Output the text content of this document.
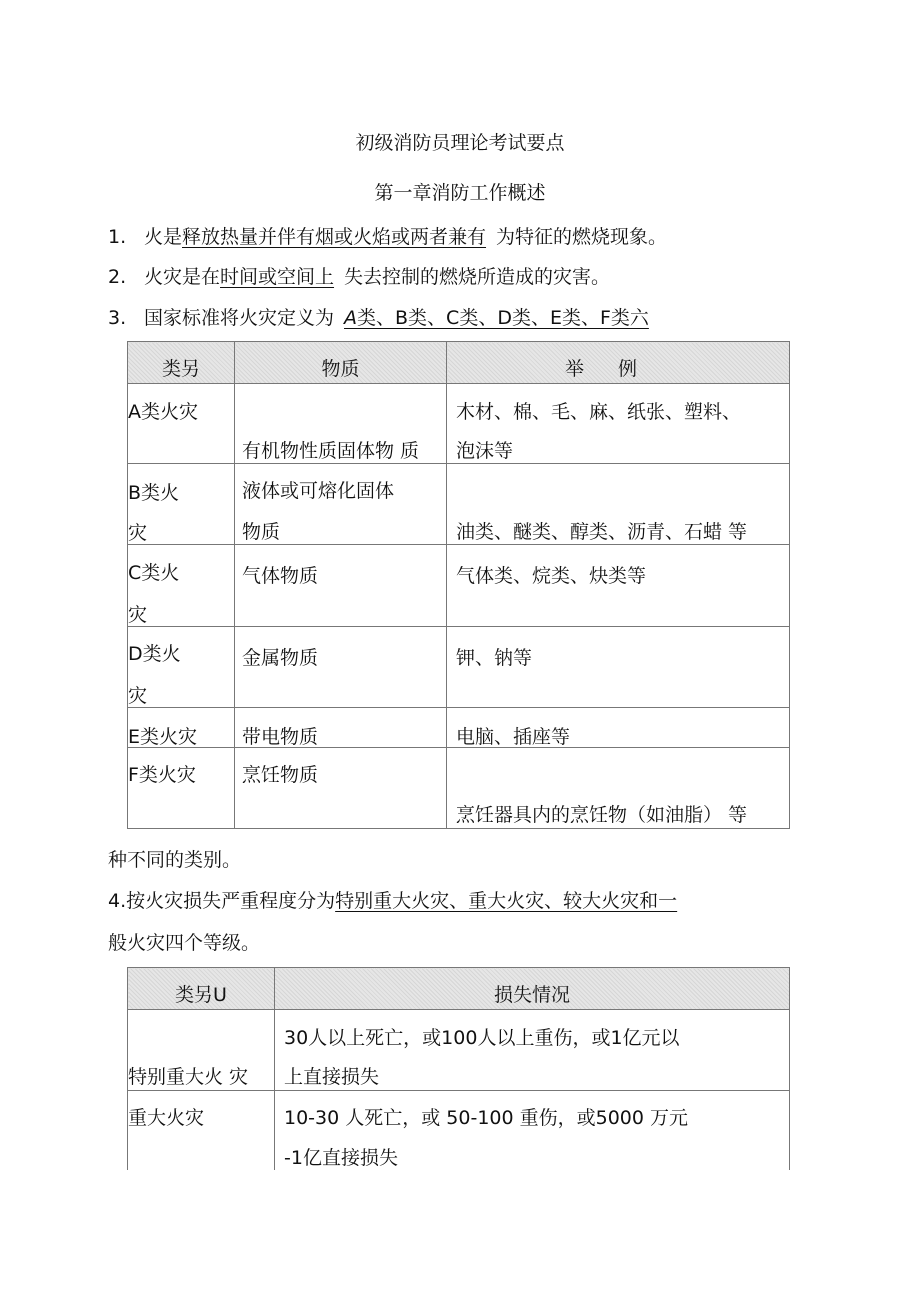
初级消防员理论考试要点
第一章消防工作概述
1. 火是释放热量并伴有烟或火焰或两者兼有 为特征的燃烧现象。
2. 火灾是在时间或空间上 失去控制的燃烧所造成的灾害。
3. 国家标准将火灾定义为 A类、B类、C类、D类、E类、F类六
类另	物质	举例

A类火灾	有机物性质固体物 质	木材、棉、毛、麻、纸张、塑料、
泡沫等

B类火
灾	液体或可熔化固体
物质	油类、醚类、醇类、沥青、石蜡 等

C类火
灾	气体物质	气体类、烷类、炔类等

D类火
灾	金属物质	钾、钠等

E类火灾	带电物质	电脑、插座等

F类火灾	烹饪物质	烹饪器具内的烹饪物（如油脂） 等
种不同的类别。
4.按火灾损失严重程度分为特别重大火灾、重大火灾、较大火灾和一
般火灾四个等级。
类另U	损失情况

特别重大火 灾	30人以上死亡，或100人以上重伤，或1亿元以
上直接损失

重大火灾	10-30 人死亡，或 50-100 重伤，或5000 万元
-1亿直接损失
